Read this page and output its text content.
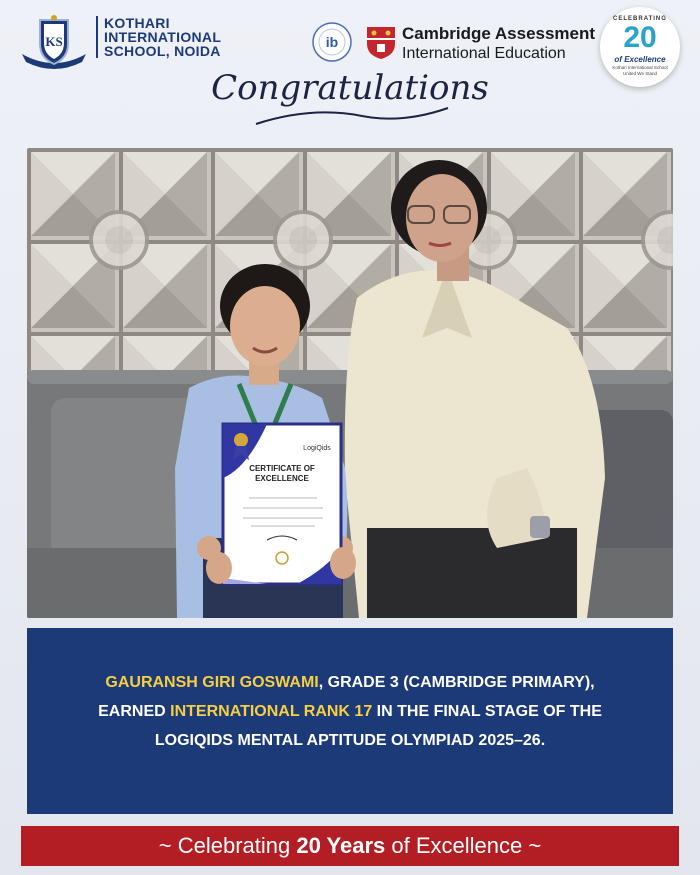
KS
KOTHARI
INTERNATIONAL
SCHOOL, NOIDA
ib	Cambridge Assessment
International Education
CELEBRATING
20
of Excellence
Kothari International School
United We Stand
Congratulations
LogiQids
CERTIFICATE OF
EXCELLENCE
GAURANSH GIRI GOSWAMI, GRADE 3 (CAMBRIDGE PRIMARY),
EARNED INTERNATIONAL RANK 17 IN THE FINAL STAGE OF THE
LOGIQIDS MENTAL APTITUDE OLYMPIAD 2025–26.
~ Celebrating 20 Years of Excellence ~
